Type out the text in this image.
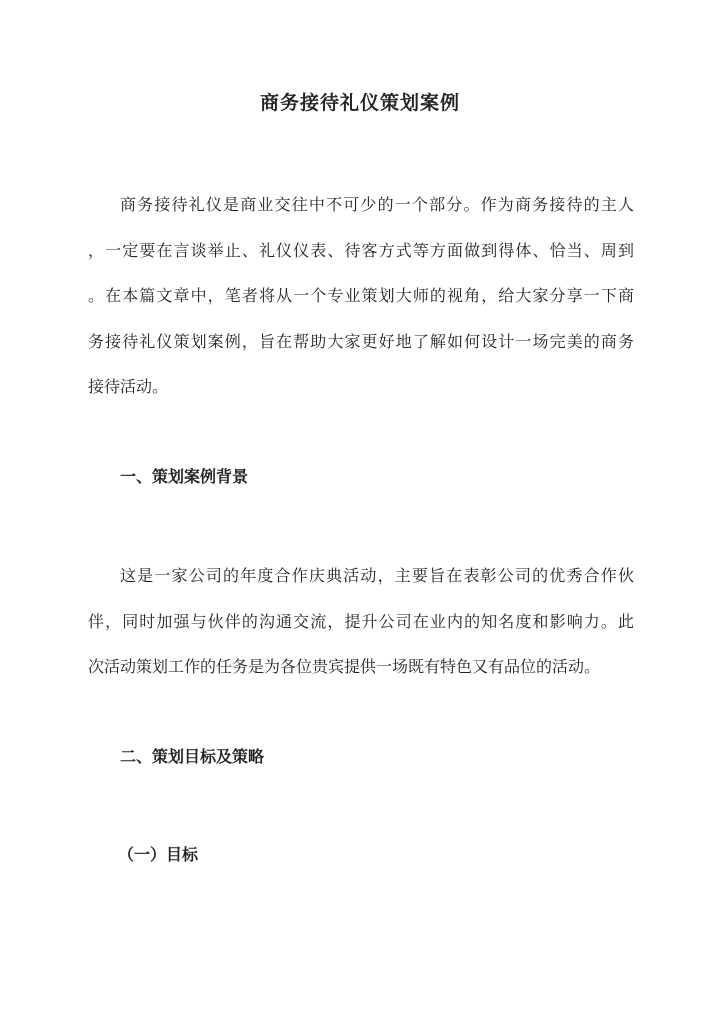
商务接待礼仪策划案例
商务接待礼仪是商业交往中不可少的一个部分。作为商务接待的主人
，一定要在言谈举止、礼仪仪表、待客方式等方面做到得体、恰当、周到
。在本篇文章中，笔者将从一个专业策划大师的视角，给大家分享一下商
务接待礼仪策划案例，旨在帮助大家更好地了解如何设计一场完美的商务
接待活动。
一、策划案例背景
这是一家公司的年度合作庆典活动，主要旨在表彰公司的优秀合作伙
伴，同时加强与伙伴的沟通交流，提升公司在业内的知名度和影响力。此
次活动策划工作的任务是为各位贵宾提供一场既有特色又有品位的活动。
二、策划目标及策略
（一）目标
